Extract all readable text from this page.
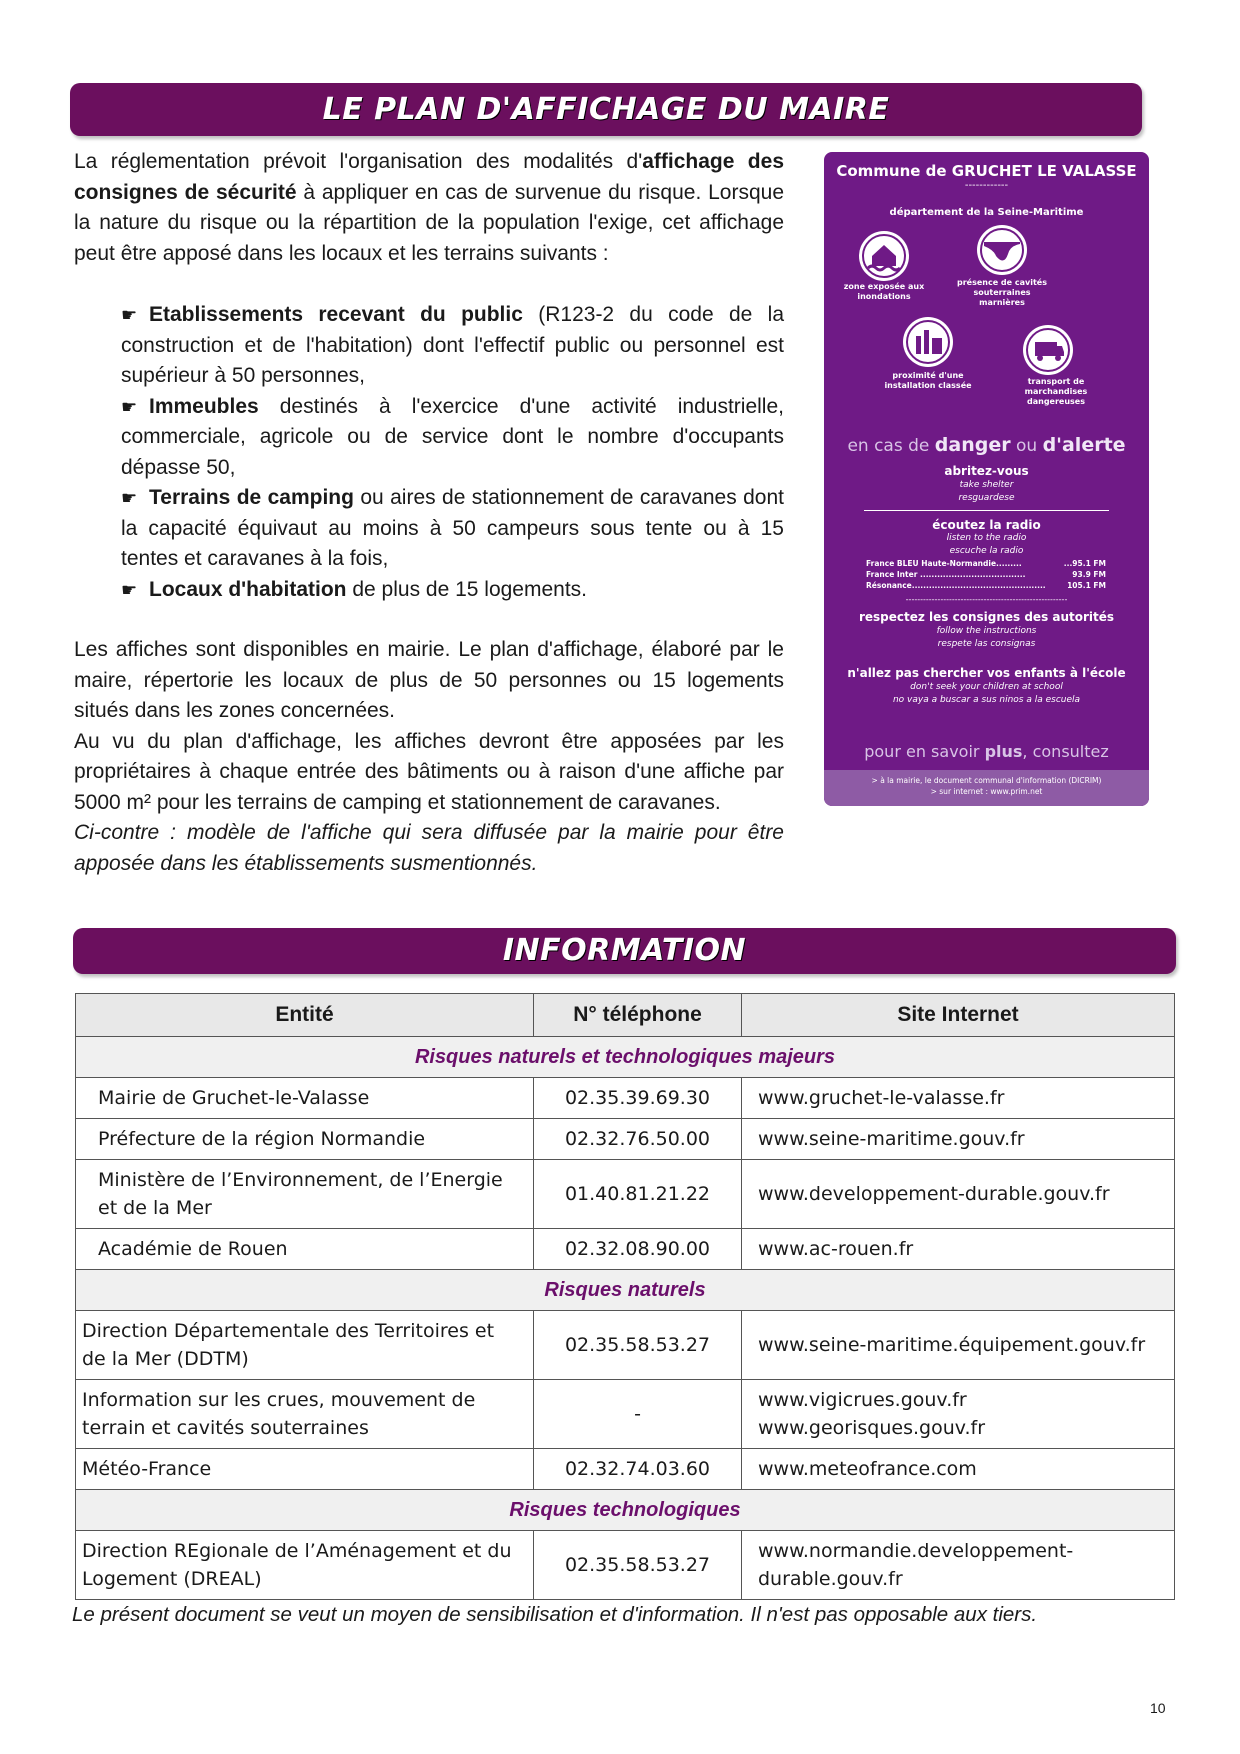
LE PLAN D'AFFICHAGE DU MAIRE
La réglementation prévoit l'organisation des modalités d'affichage des consignes de sécurité à appliquer en cas de survenue du risque. Lorsque la nature du risque ou la répartition de la population l'exige, cet affichage peut être apposé dans les locaux et les terrains suivants :

☛ Etablissements recevant du public (R123-2 du code de la construction et de l'habitation) dont l'effectif public ou personnel est supérieur à 50 personnes,

☛ Immeubles destinés à l'exercice d'une activité industrielle, commerciale, agricole ou de service dont le nombre d'occupants dépasse 50,

☛ Terrains de camping ou aires de stationnement de caravanes dont la capacité équivaut au moins à 50 campeurs sous tente ou à 15 tentes et caravanes à la fois,

☛ Locaux d'habitation de plus de 15 logements.

Les affiches sont disponibles en mairie. Le plan d'affichage, élaboré par le maire, répertorie les locaux de plus de 50 personnes ou 15 logements situés dans les zones concernées.

Au vu du plan d'affichage, les affiches devront être apposées par les propriétaires à chaque entrée des bâtiments ou à raison d'une affiche par 5000 m² pour les terrains de camping et stationnement de caravanes.

Ci-contre : modèle de l'affiche qui sera diffusée par la mairie pour être apposée dans les établissements susmentionnés.

Commune de GRUCHET LE VALASSE
------------
département de la Seine-Maritime
zone exposée aux inondations
présence de cavités souterraines marnières
proximité d'une installation classée	transport de marchandises dangereuses
en cas de danger ou d'alerte
abritez-vous
take shelter
resguardese
écoutez la radio
listen to the radio
escuche la radio
France BLEU Haute-Normandie.........	...95.1 FM
France Inter .....................................	93.9 FM
Résonance...............................................	105.1 FM
--------------------------------------------------------
respectez les consignes des autorités
follow the instructions
respete las consignas
n'allez pas chercher vos enfants à l'école
don't seek your children at school
no vaya a buscar a sus ninos a la escuela
pour en savoir plus, consultez
> à la mairie, le document communal d'information (DICRIM)
> sur internet : www.prim.net
INFORMATION
Entité	N° téléphone	Site Internet
Risques naturels et technologiques majeurs		
Mairie de Gruchet-le-Valasse	02.35.39.69.30	www.gruchet-le-valasse.fr
Préfecture de la région Normandie	02.32.76.50.00	www.seine-maritime.gouv.fr
Ministère de l’Environnement, de l’Energie et de la Mer	01.40.81.21.22	www.developpement-durable.gouv.fr
Académie de Rouen	02.32.08.90.00	www.ac-rouen.fr
Risques naturels		
Direction Départementale des Territoires et de la Mer (DDTM)	02.35.58.53.27	www.seine-maritime.équipement.gouv.fr
Information sur les crues, mouvement de terrain et cavités souterraines	-	www.vigicrues.gouv.fr
www.georisques.gouv.fr

Météo-France	02.32.74.03.60	www.meteofrance.com
Risques technologiques		
Direction REgionale de l’Aménagement et du Logement (DREAL)	02.35.58.53.27	www.normandie.developpement-durable.gouv.fr
Le présent document se veut un moyen de sensibilisation et d'information. Il n'est pas opposable aux tiers.
10
